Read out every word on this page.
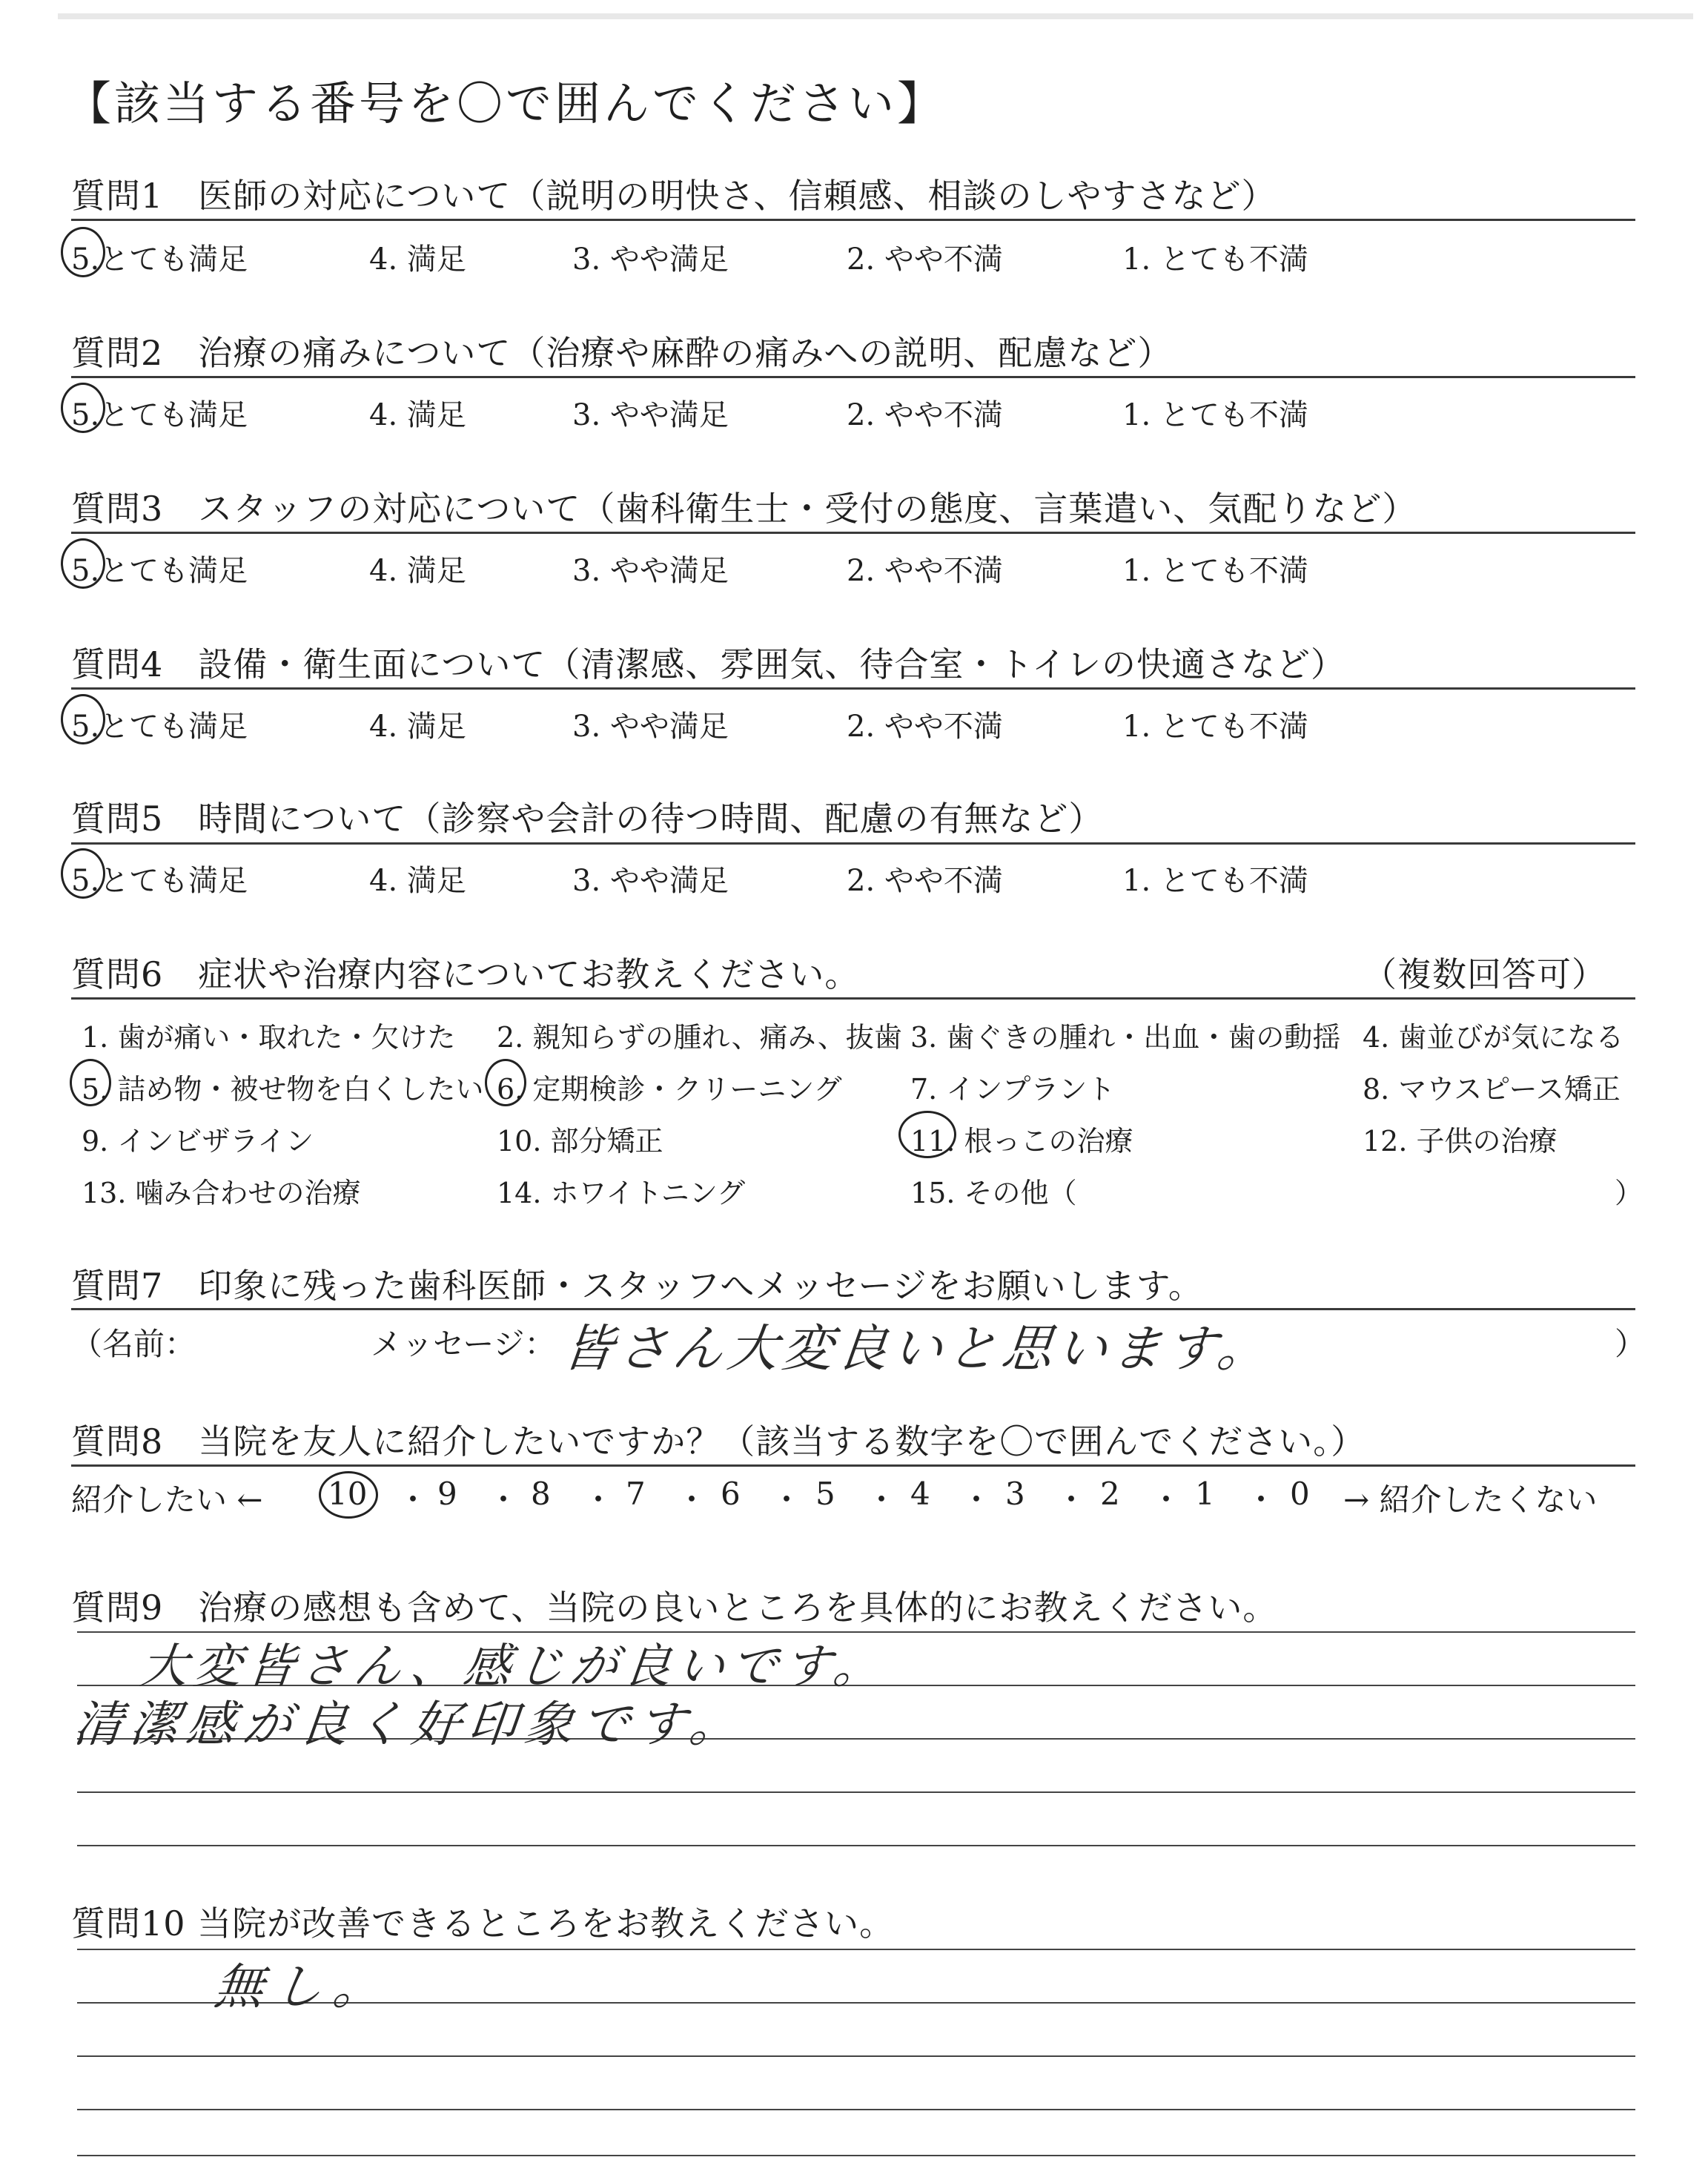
【該当する番号を〇で囲んでください】
質問1　医師の対応について（説明の明快さ、信頼感、相談のしやすさなど）
5.とても満足	4. 満足	3. やや満足	2. やや不満	1. とても不満
質問2　治療の痛みについて（治療や麻酔の痛みへの説明、配慮など）
5.とても満足	4. 満足	3. やや満足	2. やや不満	1. とても不満
質問3　スタッフの対応について（歯科衛生士・受付の態度、言葉遣い、気配りなど）
5.とても満足	4. 満足	3. やや満足	2. やや不満	1. とても不満
質問4　設備・衛生面について（清潔感、雰囲気、待合室・トイレの快適さなど）
5.とても満足	4. 満足	3. やや満足	2. やや不満	1. とても不満
質問5　時間について（診察や会計の待つ時間、配慮の有無など）
5.とても満足	4. 満足	3. やや満足	2. やや不満	1. とても不満
質問6　症状や治療内容についてお教えください。	（複数回答可）
1. 歯が痛い・取れた・欠けた 2. 親知らずの腫れ、痛み、抜歯 3. 歯ぐきの腫れ・出血・歯の動揺 4. 歯並びが気になる
5. 詰め物・被せ物を白くしたい 6. 定期検診・クリーニング 7. インプラント	8. マウスピース矯正
9. インビザライン	10. 部分矯正	11. 根っこの治療	12. 子供の治療
13. 噛み合わせの治療	14. ホワイトニング	15. その他（	）
質問7　印象に残った歯科医師・スタッフへメッセージをお願いします。
（名前：	メッセージ： 皆さん大変良いと思います。	）
質問8　当院を友人に紹介したいですか？（該当する数字を〇で囲んでください。）
紹介したい ← 10 ・ 9 ・ 8 ・ 7 ・ 6 ・ 5 ・ 4 ・ 3 ・ 2 ・ 1 ・ 0 → 紹介したくない
質問9　治療の感想も含めて、当院の良いところを具体的にお教えください。
大変皆さん、感じが良いです。
清潔感が良く好印象です。
質問10 当院が改善できるところをお教えください。
無し。
